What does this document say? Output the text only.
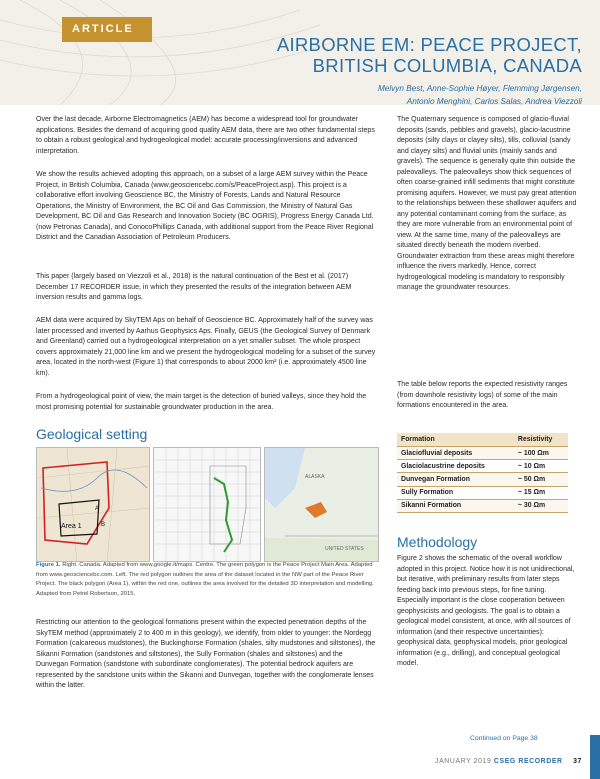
ARTICLE
AIRBORNE EM: PEACE PROJECT,
BRITISH COLUMBIA, CANADA
Melvyn Best, Anne-Sophie Høyer, Flemming Jørgensen,
Antonio Menghini, Carlos Salas, Andrea Viezzoli

Over the last decade, Airborne Electromagnetics (AEM) has become a widespread tool for groundwater applications. Besides the demand of acquiring good quality AEM data, there are two other fundamental steps to obtain a robust geological and hydrogeological model: accurate processing/inversions and advanced interpretation.

We show the results achieved adopting this approach, on a subset of a large AEM survey within the Peace Project, in British Columbia, Canada (www.geosciencebc.com/s/PeaceProject.asp). This project is a collaborative effort involving Geoscience BC, the Ministry of Forests, Lands and Natural Resource Operations, the Ministry of Environment, the BC Oil and Gas Commission, the Ministry of Natural Gas Development, BC Oil and Gas Research and Innovation Society (BC OGRIS), Progress Energy Canada Ltd. (now Petronas Canada), and ConocoPhillips Canada, with additional support from the Peace River Regional District and the Canadian Association of Petroleum Producers.

This paper (largely based on Viezzoli et al., 2018) is the natural continuation of the Best et al. (2017) December 17 RECORDER issue, in which they presented the results of the integration between AEM inversion results and gamma logs.

AEM data were acquired by SkyTEM Aps on behalf of Geoscience BC. Approximately half of the survey was later processed and inverted by Aarhus Geophysics Aps. Finally, GEUS (the Geological Survey of Denmark and Greenland) carried out a hydrogeological interpretation on a yet smaller subset. The whole prospect covers approximately 21,000 line km and we present the hydrogeological modeling for a subset of the survey area, located in the north-west (Figure 1) that corresponds to about 2000 km² (i.e. approximately 4500 line km).

From a hydrogeological point of view, the main target is the detection of buried valleys, since they hold the most promising potential for sustainable groundwater production in the area.

Geological setting
Area 1
A
B
ALASKA
UNITED STATES

Figure 1. Right. Canada. Adapted from www.google.it/maps. Centre. The green polygon is the Peace Project Main Area. Adapted from www.geosciencebc.com. Left. The red polygon outlines the area of the dataset located in the NW part of the Peace River Project. The black polygon (Area 1), within the red one, outlines the area involved for the detailed 3D interpretation and modelling. Adapted from Petrel Robertson, 2015.

Restricting our attention to the geological formations present within the expected penetration depths of the SkyTEM method (approximately 2 to 400 m in this geology), we identify, from older to younger: the Nordegg Formation (calcareous mudstones), the Buckinghorse Formation (shales, silty mudstones and siltstones), the Sikanni Formation (sandstones and siltstones), the Sully Formation (shales and siltstones) and the Dunvegan Formation (sandstone with subordinate conglomerates). The potential bedrock aquifers are represented by the sandstone units within the Sikanni and Dunvegan, together with the conglomerate lenses within the latter.

The Quaternary sequence is composed of glacio-fluvial deposits (sands, pebbles and gravels), glacio-lacustrine deposits (silty clays or clayey silts), tills, colluvial (sandy and clayey silts) and fluvial units (mainly sands and gravels). The sequence is generally quite thin outside the paleovalleys. The paleovalleys show thick sequences of often coarse-grained infill sediments that might constitute promising aquifers. However, we must pay great attention to the relationships between these shallower aquifers and any potential contaminant coming from the surface, as they are more vulnerable from an environmental point of view. At the same time, many of the paleovalleys are situated directly beneath the modern riverbed. Groundwater extraction from these areas might therefore influence the rivers markedly. Hence, correct hydrogeological modeling is mandatory to responsibly manage the groundwater resources.

The table below reports the expected resistivity ranges (from downhole resistivity logs) of some of the main formations encountered in the area.

Formation	Resistivity
Glaciofluvial deposits	~ 100 Ωm
Glaciolacustrine deposits	~ 10 Ωm
Dunvegan Formation	~ 50 Ωm
Sully Formation	~ 15 Ωm
Sikanni Formation	~ 30 Ωm
Methodology

Figure 2 shows the schematic of the overall workflow adopted in this project. Notice how it is not unidirectional, but iterative, with preliminary results from later steps feeding back into previous steps, for fine tuning. Especially important is the close cooperation between geophysicists and geologists. The goal is to obtain a geological model consistent, at once, with all sources of information (and their respective uncertainties): geophysical data, geophysical models, prior geological information (e.g., drilling), and conceptual geological model.

Continued on Page 38
JANUARY 2019 CSEG RECORDER 37
